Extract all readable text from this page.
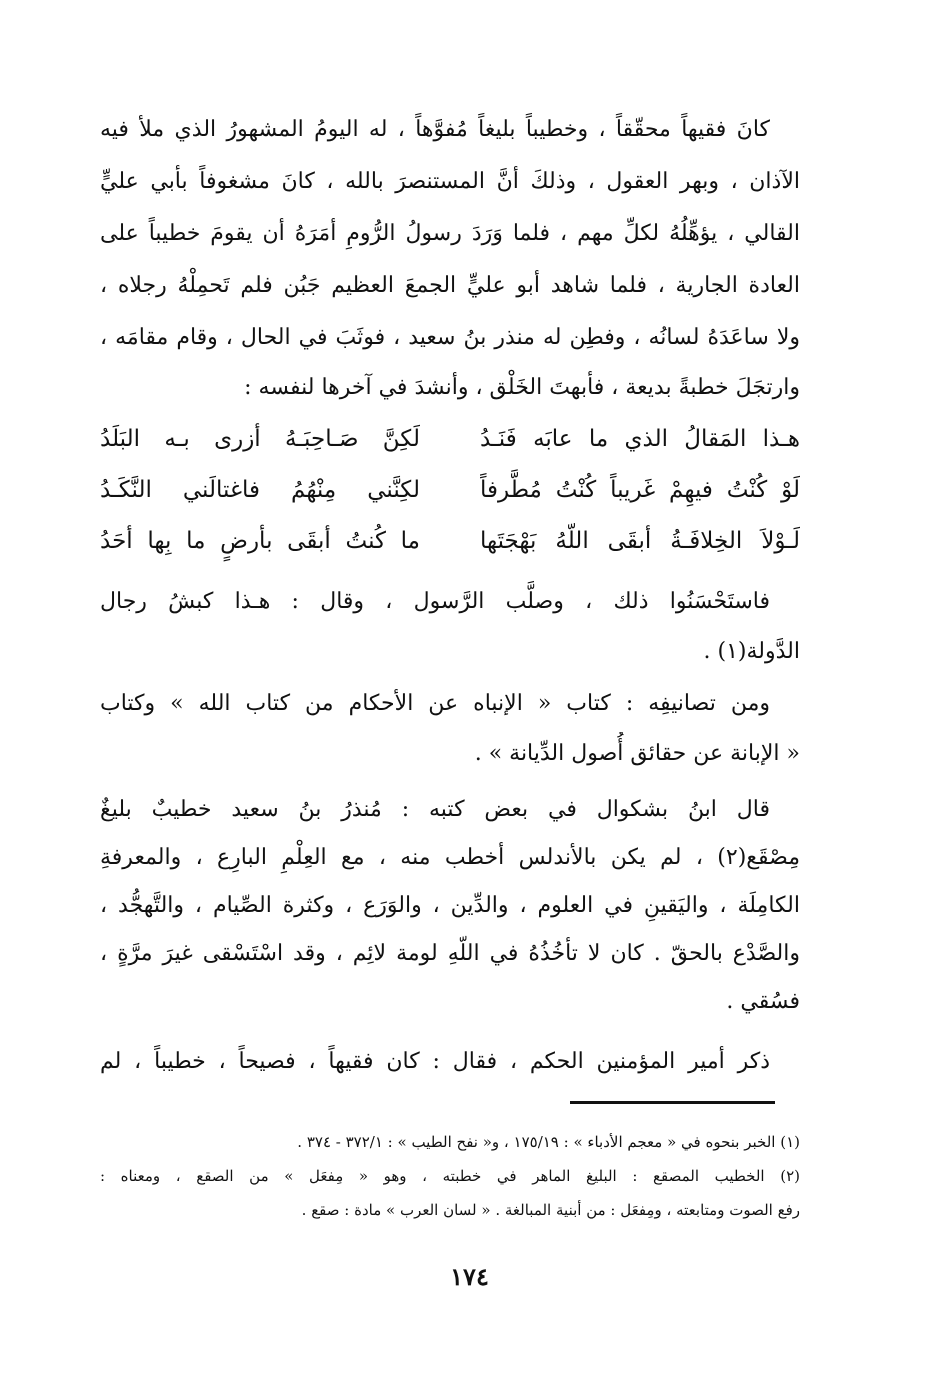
كانَ فقيهاً محقّقاً ، وخطيباً بليغاً مُفوَّهاً ، له اليومُ المشهورُ الذي ملأ فيه
الآذان ، وبهر العقول ، وذلكَ أنَّ المستنصرَ بالله ، كانَ مشغوفاً بأبي عليٍّ
القالي ، يؤهِّلُهُ لكلِّ مهم ، فلما وَرَدَ رسولُ الرُّومِ أمَرَهُ أن يقومَ خطيباً على
العادة الجارية ، فلما شاهد أبو عليٍّ الجمعَ العظيم جَبُن فلم تَحمِلْهُ رجلاه ،
ولا ساعَدَهُ لسانُه ، وفطِن له منذر بنُ سعيد ، فوثَبَ في الحال ، وقام مقامَه ،
وارتجَلَ خطبةً بديعة ، فأبهتَ الخَلْق ، وأنشدَ في آخرها لنفسه :
هـذا المَقالُ الذي ما عابَه فَنَـدُ
لَكِنَّ صَـاحِبَـهُ أزرى بـه البَلَدُ
لَوْ كُنْتُ فيهِمْ غَريباً كُنْتُ مُطَّرفاً
لكِنَّني مِنْهُمُ فاغتالَني النَّكَـدُ
لَـوْلاَ الخِلافَـةُ أبقَى اللّهُ بَهْجَتَها
ما كُنتُ أبقَى بأرضٍ ما بِها أحَدُ
فاستَحْسَنُوا ذلك ، وصلَّب الرَّسول ، وقال : هـذا كبشُ رجال
الدَّولة(١) .
ومن تصانيفِه : كتاب « الإنباه عن الأحكام من كتاب الله » وكتاب
« الإبانة عن حقائق أُصول الدِّيانة » .
قال ابنُ بشكوال في بعض كتبه : مُنذرُ بنُ سعيد خطيبٌ بليغٌ
مِصْقَع(٢) ، لم يكن بالأندلس أخطب منه ، مع العِلْمِ البارِع ، والمعرفةِ
الكامِلَة ، واليَقينِ في العلوم ، والدِّين ، والوَرَع ، وكثرة الصِّيام ، والتَّهجُّد ،
والصَّدْع بالحقّ . كان لا تأخُذُهُ في اللّهِ لومة لائِم ، وقد اسْتَسْقى غيرَ مرَّةٍ ،
فسُقي .
ذكر أمير المؤمنين الحكم ، فقال : كان فقيهاً ، فصيحاً ، خطيباً ، لم
(١) الخبر بنحوه في « معجم الأدباء » : ١٧٥/١٩ ، و« نفح الطيب » : ٣٧٢/١ - ٣٧٤ .
(٢) الخطيب المصقع : البليغ الماهر في خطبته ، وهو « مِفعَل » من الصقع ، ومعناه :
رفع الصوت ومتابعته ، ومِفعَل : من أبنية المبالغة . « لسان العرب » مادة : صقع .
١٧٤
